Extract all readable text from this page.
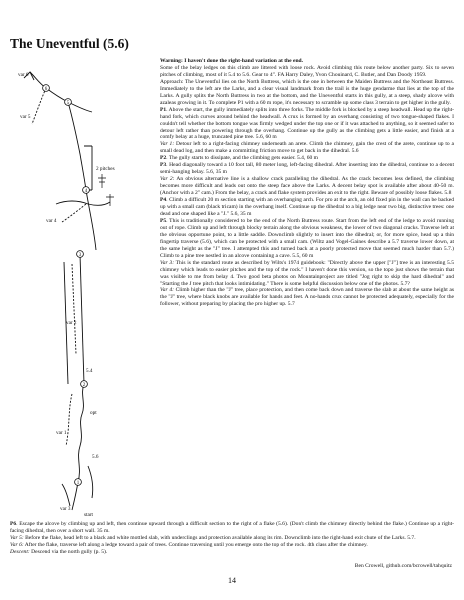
The Uneventful (5.6)
6
5
4
3
2
1
var 6
var 5
2 pitches
var 4
var 2
var 1
var 3
5.4
opt
5.6
start

Warning: I haven't done the right-hand variation at the end.

Some of the belay ledges on this climb are littered with loose rock. Avoid climbing this route below another party. Six to seven pitches of climbing, most of it 5.4 to 5.6. Gear to 4". FA Harry Daley, Yvon Chouinard, C. Butler, and Dan Doody 1959.

Approach: The Uneventful lies on the North Buttress, which is the one in between the Maiden Buttress and the Northeast Buttress. Immediately to the left are the Larks, and a clear visual landmark from the trail is the huge gendarme that lies at the top of the Larks. A gully splits the North Buttress in two at the bottom, and the Uneventful starts in this gully, at a steep, shady alcove with azaleas growing in it. To complete P1 with a 60 m rope, it's necessary to scramble up some class 3 terrain to get higher in the gully.

P1. Above the start, the gully immediately splits into three forks. The middle fork is blocked by a steep headwall. Head up the right-hand fork, which curves around behind the headwall. A crux is formed by an overhang consisting of two tongue-shaped flakes. I couldn't tell whether the bottom tongue was firmly wedged under the top one or if it was attached to anything, so it seemed safer to detour left rather than powering through the overhang. Continue up the gully as the climbing gets a little easier, and finish at a comfy belay at a huge, truncated pine tree. 5.6, 60 m

Var 1: Detour left to a right-facing chimney underneath an arete. Climb the chimney, gain the crest of the arete, continue up to a small dead log, and then make a committing friction move to get back in the dihedral. 5.6

P2. The gully starts to dissipate, and the climbing gets easier. 5.4, 60 m

P3. Head diagonally toward a 10 foot tall, 80 meter long, left-facing dihedral. After inserting into the dihedral, continue to a decent semi-hanging belay. 5.6, 35 m

Var 2: An obvious alternative line is a shallow crack paralleling the dihedral. As the crack becomes less defined, the climbing becomes more difficult and leads out onto the steep face above the Larks. A decent belay spot is available after about 40-50 m. (Anchor with a 2" cam.) From the belay, a crack and flake system provides an exit to the right. Beware of possibly loose flakes. 5.8

P4. Climb a difficult 20 m section starting with an overhanging arch. For pro at the arch, an old fixed pin in the wall can be backed up with a small cam (black tricam) in the overhang itself. Continue up the dihedral to a big ledge near two big, distinctive trees: one dead and one shaped like a "J." 5.6, 35 m

P5. This is traditionally considered to be the end of the North Buttress route. Start from the left end of the ledge to avoid running out of rope. Climb up and left through blocky terrain along the obvious weakness, the lower of two diagonal cracks. Traverse left at the obvious opportune point, to a little saddle. Downclimb slightly to insert into the dihedral; or, for more spice, head up a thin fingertip traverse (5.6), which can be protected with a small cam. (Wiltz and Vogel-Gaines describe a 5.7 traverse lower down, at the same height as the "J" tree. I attempted this and turned back at a poorly protected move that seemed much harder than 5.7.) Climb to a pine tree nestled in an alcove containing a cave. 5.5, 60 m

Var 3: This is the standard route as described by Wilts's 1974 guidebook: "Directly above the upper ["J"] tree is an interesting 5.5 chimney which leads to easier pitches and the top of the rock." I haven't done this version, so the topo just shows the terrain that was visible to me from belay 4. Two good beta photos on Mountainproject are titled "Jog right to skip the hard dihedral" and "Starting the J tree pitch that looks intimidating." There is some helpful discussion below one of the photos. 5.7?

Var 4: Climb higher than the "J" tree, place protection, and then come back down and traverse the slab at about the same height as the "J" tree, where black knobs are available for hands and feet. A no-hands crux cannot be protected adequately, especially for the follower, without preparing by placing the pro higher up. 5.7

P6. Escape the alcove by climbing up and left, then continue upward through a difficult section to the right of a flake (5.6). (Don't climb the chimney directly behind the flake.) Continue up a right-facing dihedral, then over a short wall. 35 m.

Var 5: Before the flake, head left to a black and white mottled slab, with underclings and protection available along its rim. Downclimb into the right-hand exit chute of the Larks. 5.7.

Var 6: After the flake, traverse left along a ledge toward a pair of trees. Continue traversing until you emerge onto the top of the rock. 4th class after the chimney.

Descent: Descend via the north gully (p. 5).

Ben Crowell, github.com/bcrowell/tahquitz
14
